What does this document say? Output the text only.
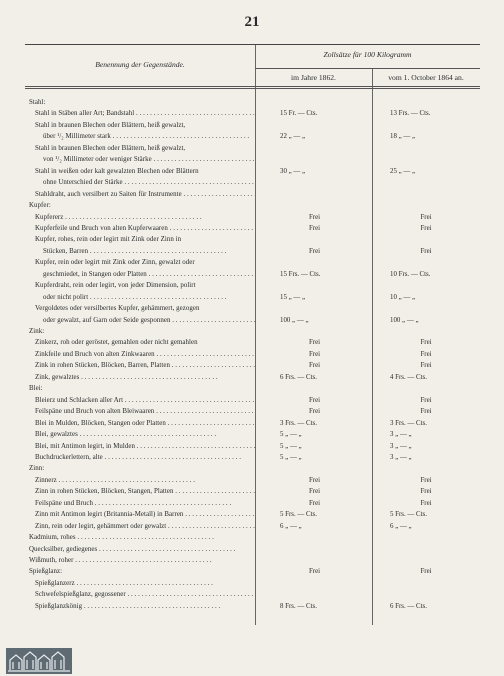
21
Benennung der Gegenstände.
Zollsätze für 100 Kilogramm
im Jahre 1862.	vom 1. October 1864 an.
Stahl:
Stahl in Stäben aller Art; Bandstahl . . .	15 Fr. — Cts.	13 Frs. — Cts.
Stahl in braunen Blechen oder Blättern, heiß gewalzt,
über ¹/₂ Millimeter stark . . .	22 „ — „	18 „ — „
Stahl in braunen Blechen oder Blättern, heiß gewalzt,
von ¹/₂ Millimeter oder weniger Stärke . . .
Stahl in weißen oder kalt gewalzten Blechen oder Blättern	30 „ — „	25 „ — „
ohne Unterschied der Stärke . . .
Stahldraht, auch versilbert zu Saiten für Instrumente . . .
Kupfer:
Kupfererz . . .	Frei	Frei
Kupferfeile und Bruch von alten Kupferwaaren . . .	Frei	Frei
Kupfer, rohes, rein oder legirt mit Zink oder Zinn in
Stücken, Barren . . .	Frei	Frei
Kupfer, rein oder legirt mit Zink oder Zinn, gewalzt oder
geschmiedet, in Stangen oder Platten . . .	15 Frs. — Cts.	10 Frs. — Cts.
Kupferdraht, rein oder legirt, von jeder Dimension, polirt
oder nicht polirt . . .	15 „ — „	10 „ — „
Vergoldetes oder versilbertes Kupfer, gehämmert, gezogen
oder gewalzt, auf Garn oder Seide gesponnen . . .	100 „ — „	100 „ — „
Zink:
Zinkerz, roh oder geröstet, gemahlen oder nicht gemahlen	Frei	Frei
Zinkfeile und Bruch von alten Zinkwaaren . . .	Frei	Frei
Zink in rohen Stücken, Blöcken, Barren, Platten . . .	Frei	Frei
Zink, gewalztes . . .	6 Frs. — Cts.	4 Frs. — Cts.
Blei:
Bleierz und Schlacken aller Art . . .	Frei	Frei
Feilspäne und Bruch von alten Bleiwaaren . . .	Frei	Frei
Blei in Mulden, Blöcken, Stangen oder Platten . . .	3 Frs. — Cts.	3 Frs. — Cts.
Blei, gewalztes . . .	5 „ — „	3 „ — „
Blei, mit Antimon legirt, in Mulden . . .	5 „ — „	3 „ — „
Buchdruckerlettern, alte . . .	5 „ — „	3 „ — „
Zinn:
Zinnerz . . .	Frei	Frei
Zinn in rohen Stücken, Blöcken, Stangen, Platten . . .	Frei	Frei
Feilspäne und Bruch . . .	Frei	Frei
Zinn mit Antimon legirt (Britannia-Metall) in Barren . . .	5 Frs. — Cts.	5 Frs. — Cts.
Zinn, rein oder legirt, gehämmert oder gewalzt . . .	6 „ — „	6 „ — „
Kadmium, rohes . . .
Quecksilber, gediegenes . . .
Wißmuth, roher . . .
Spießglanz:	Frei	Frei
Spießglanzerz . . .
Schwefelspießglanz, gegossener . . .
Spießglanzkönig . . .	8 Frs. — Cts.	6 Frs. — Cts.
